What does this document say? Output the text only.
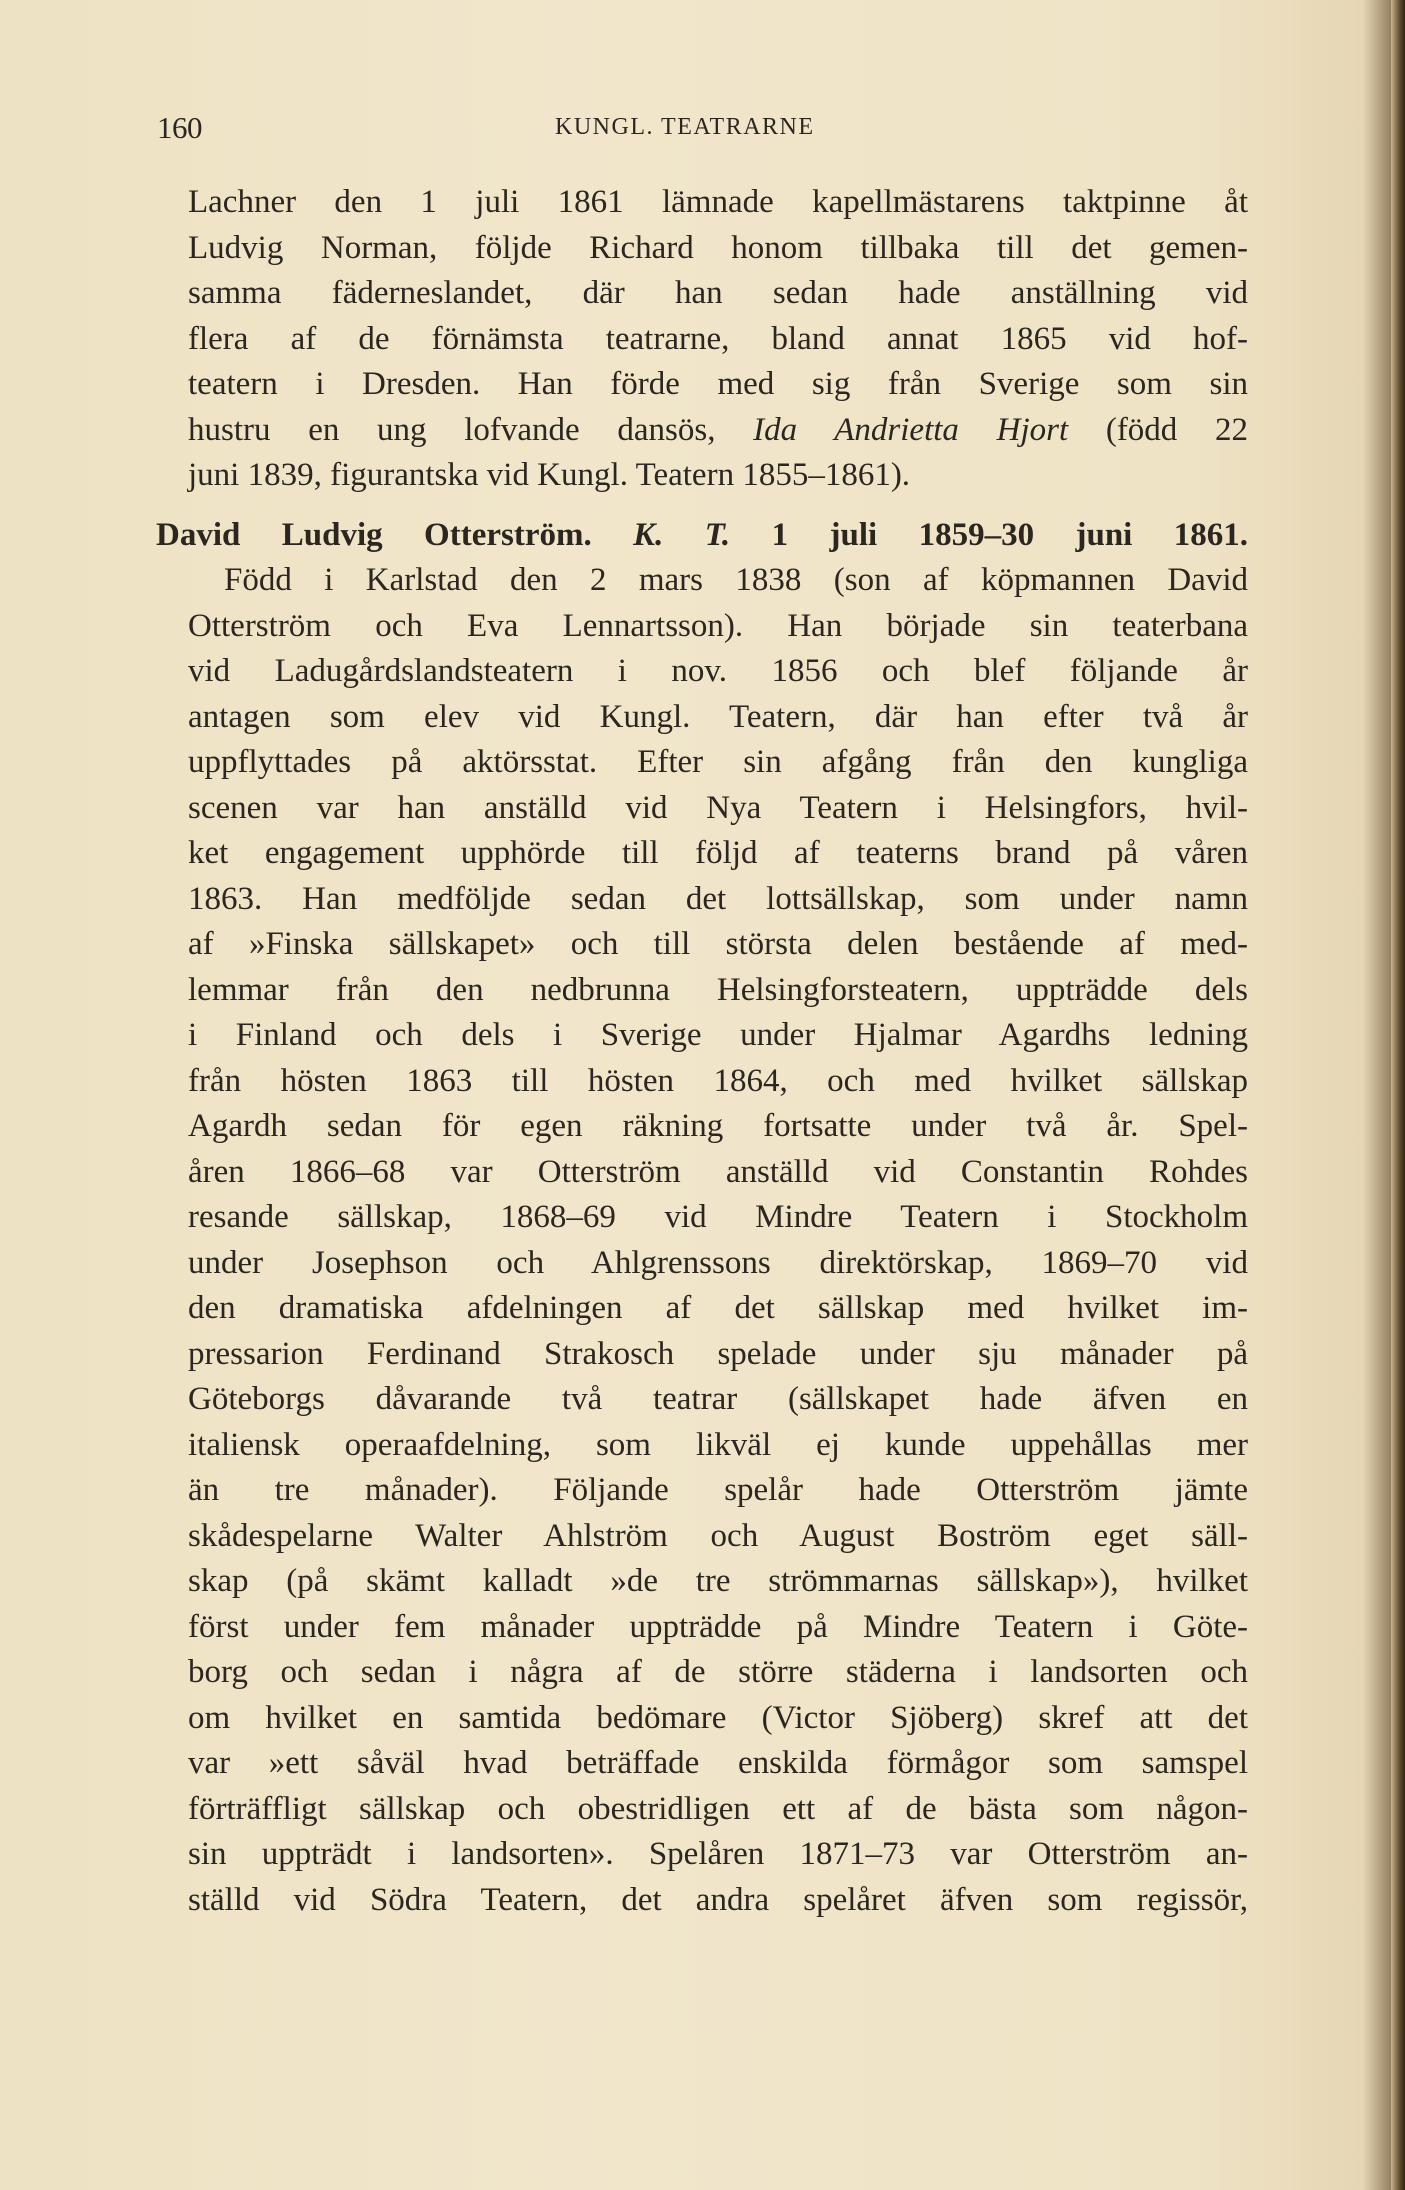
160	KUNGL. TEATRARNE
Lachner den 1 juli 1861 lämnade kapellmästarens taktpinne åt
Ludvig Norman, följde Richard honom tillbaka till det gemen-
samma fäderneslandet, där han sedan hade anställning vid
flera af de förnämsta teatrarne, bland annat 1865 vid hof-
teatern i Dresden. Han förde med sig från Sverige som sin
hustru en ung lofvande dansös, Ida Andrietta Hjort (född 22
juni 1839, figurantska vid Kungl. Teatern 1855–1861).
David Ludvig Otterström. K. T. 1 juli 1859–30 juni 1861.
Född i Karlstad den 2 mars 1838 (son af köpmannen David
Otterström och Eva Lennartsson). Han började sin teaterbana
vid Ladugårdslandsteatern i nov. 1856 och blef följande år
antagen som elev vid Kungl. Teatern, där han efter två år
uppflyttades på aktörsstat. Efter sin afgång från den kungliga
scenen var han anställd vid Nya Teatern i Helsingfors, hvil-
ket engagement upphörde till följd af teaterns brand på våren
1863. Han medföljde sedan det lottsällskap, som under namn
af »Finska sällskapet» och till största delen bestående af med-
lemmar från den nedbrunna Helsingforsteatern, uppträdde dels
i Finland och dels i Sverige under Hjalmar Agardhs ledning
från hösten 1863 till hösten 1864, och med hvilket sällskap
Agardh sedan för egen räkning fortsatte under två år. Spel-
åren 1866–68 var Otterström anställd vid Constantin Rohdes
resande sällskap, 1868–69 vid Mindre Teatern i Stockholm
under Josephson och Ahlgrenssons direktörskap, 1869–70 vid
den dramatiska afdelningen af det sällskap med hvilket im-
pressarion Ferdinand Strakosch spelade under sju månader på
Göteborgs dåvarande två teatrar (sällskapet hade äfven en
italiensk operaafdelning, som likväl ej kunde uppehållas mer
än tre månader). Följande spelår hade Otterström jämte
skådespelarne Walter Ahlström och August Boström eget säll-
skap (på skämt kalladt »de tre strömmarnas sällskap»), hvilket
först under fem månader uppträdde på Mindre Teatern i Göte-
borg och sedan i några af de större städerna i landsorten och
om hvilket en samtida bedömare (Victor Sjöberg) skref att det
var »ett såväl hvad beträffade enskilda förmågor som samspel
förträffligt sällskap och obestridligen ett af de bästa som någon-
sin uppträdt i landsorten». Spelåren 1871–73 var Otterström an-
ställd vid Södra Teatern, det andra spelåret äfven som regissör,
